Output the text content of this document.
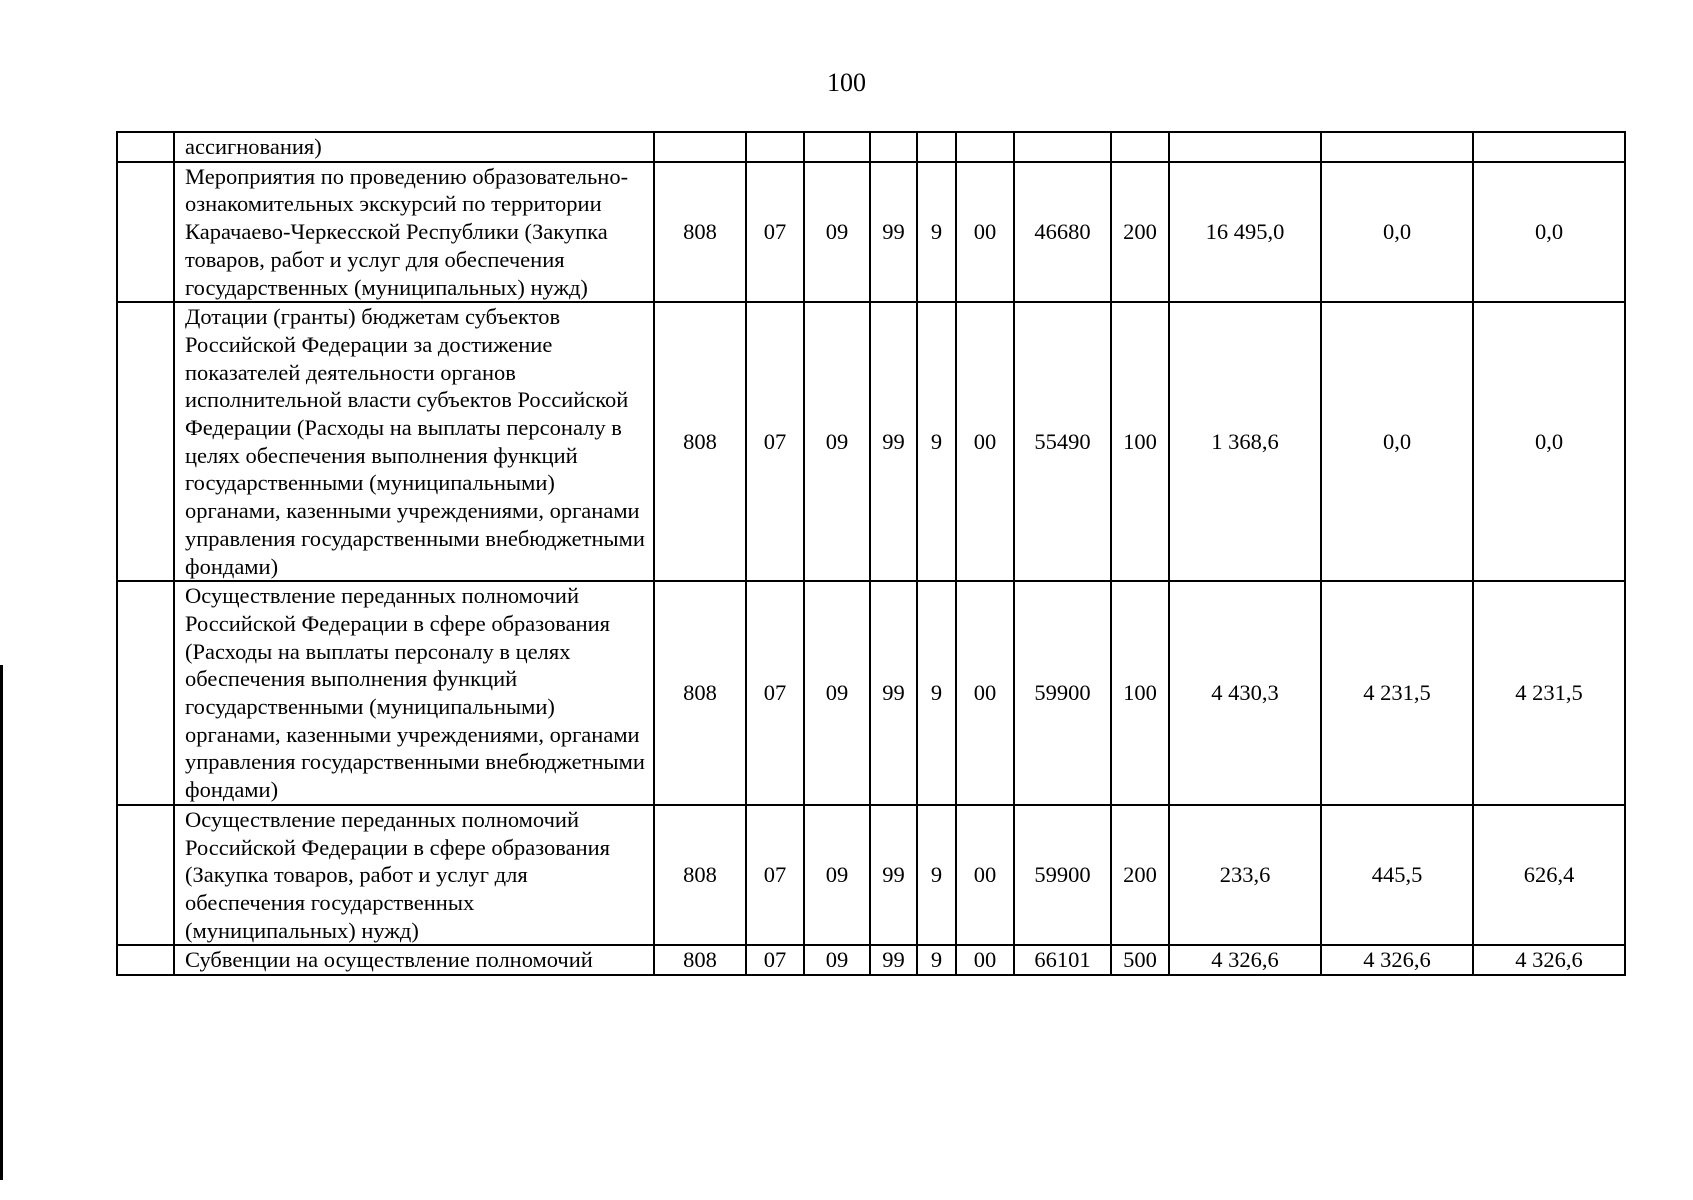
100
	ассигнования)											
	Мероприятия по проведению образовательно-ознакомительных экскурсий по территории Карачаево-Черкесской Республики (Закупка товаров, работ и услуг для обеспечения государственных (муниципальных) нужд)	808	07	09	99	9	00	46680	200	16 495,0	0,0	0,0
	Дотации (гранты) бюджетам субъектов Российской Федерации за достижение показателей деятельности органов исполнительной власти субъектов Российской Федерации (Расходы на выплаты персоналу в целях обеспечения выполнения функций государственными (муниципальными) органами, казенными учреждениями, органами управления государственными внебюджетными фондами)	808	07	09	99	9	00	55490	100	1 368,6	0,0	0,0
	Осуществление переданных полномочий Российской Федерации в сфере образования (Расходы на выплаты персоналу в целях обеспечения выполнения функций государственными (муниципальными) органами, казенными учреждениями, органами управления государственными внебюджетными фондами)	808	07	09	99	9	00	59900	100	4 430,3	4 231,5	4 231,5
	Осуществление переданных полномочий Российской Федерации в сфере образования (Закупка товаров, работ и услуг для обеспечения государственных (муниципальных) нужд)	808	07	09	99	9	00	59900	200	233,6	445,5	626,4
	Субвенции на осуществление полномочий	808	07	09	99	9	00	66101	500	4 326,6	4 326,6	4 326,6
